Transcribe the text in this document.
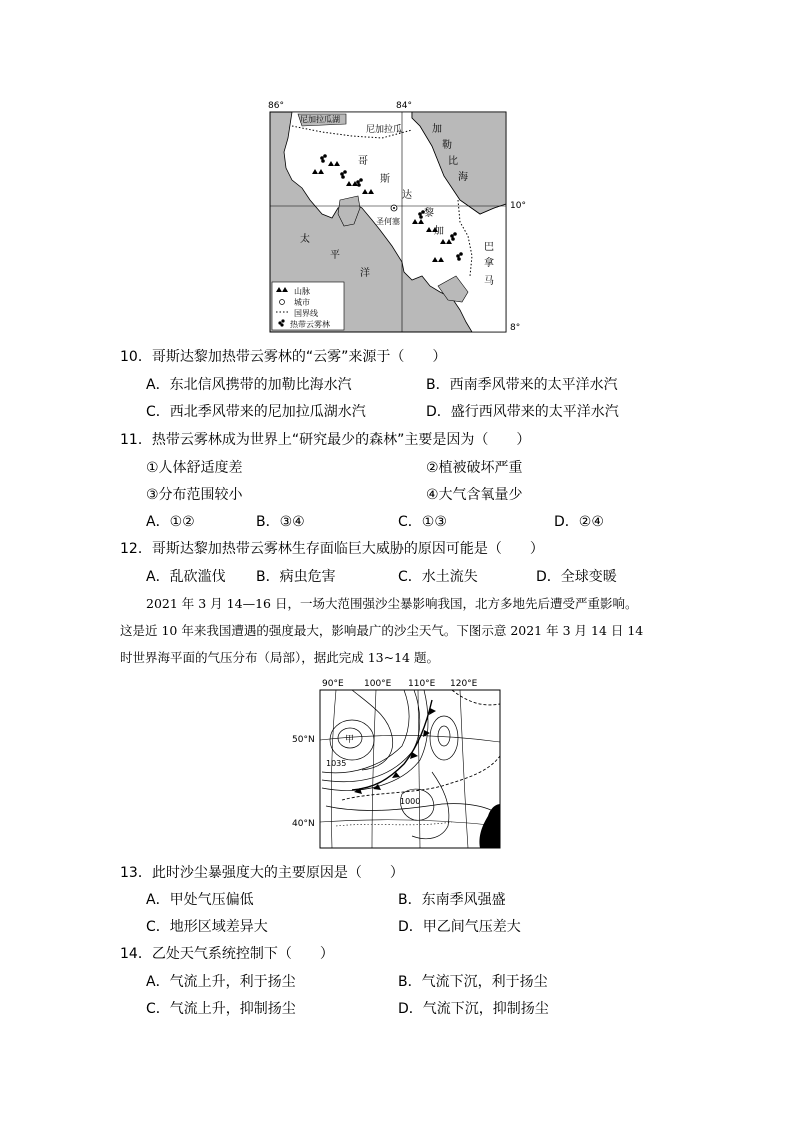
86°	84°
10°
8°
尼加拉瓜湖
尼加拉瓜	加
勒
比
海
哥
斯
达
黎
加
圣何塞
太
平
洋
巴
拿
马
山脉
城市
国界线
热带云雾林
10．哥斯达黎加热带云雾林的“云雾”来源于（　　）
A．东北信风携带的加勒比海水汽	B．西南季风带来的太平洋水汽
C．西北季风带来的尼加拉瓜湖水汽	D．盛行西风带来的太平洋水汽
11．热带云雾林成为世界上“研究最少的森林”主要是因为（　　）
①人体舒适度差	②植被破坏严重
③分布范围较小	④大气含氧量少
A．①②	B．③④	C．①③	D．②④
12．哥斯达黎加热带云雾林生存面临巨大威胁的原因可能是（　　）
A．乱砍滥伐 B．病虫危害	C．水土流失	D．全球变暖
2021 年 3 月 14—16 日，一场大范围强沙尘暴影响我国，北方多地先后遭受严重影响。
这是近 10 年来我国遭遇的强度最大，影响最广的沙尘天气。下图示意 2021 年 3 月 14 日 14
时世界海平面的气压分布（局部），据此完成 13~14 题。
90°E 100°E 110°E 120°E
50°N
40°N
甲
1035
1000
13．此时沙尘暴强度大的主要原因是（　　）
A．甲处气压偏低	B．东南季风强盛
C．地形区域差异大	D．甲乙间气压差大
14．乙处天气系统控制下（　　）
A．气流上升，利于扬尘	B．气流下沉，利于扬尘
C．气流上升，抑制扬尘	D．气流下沉，抑制扬尘
